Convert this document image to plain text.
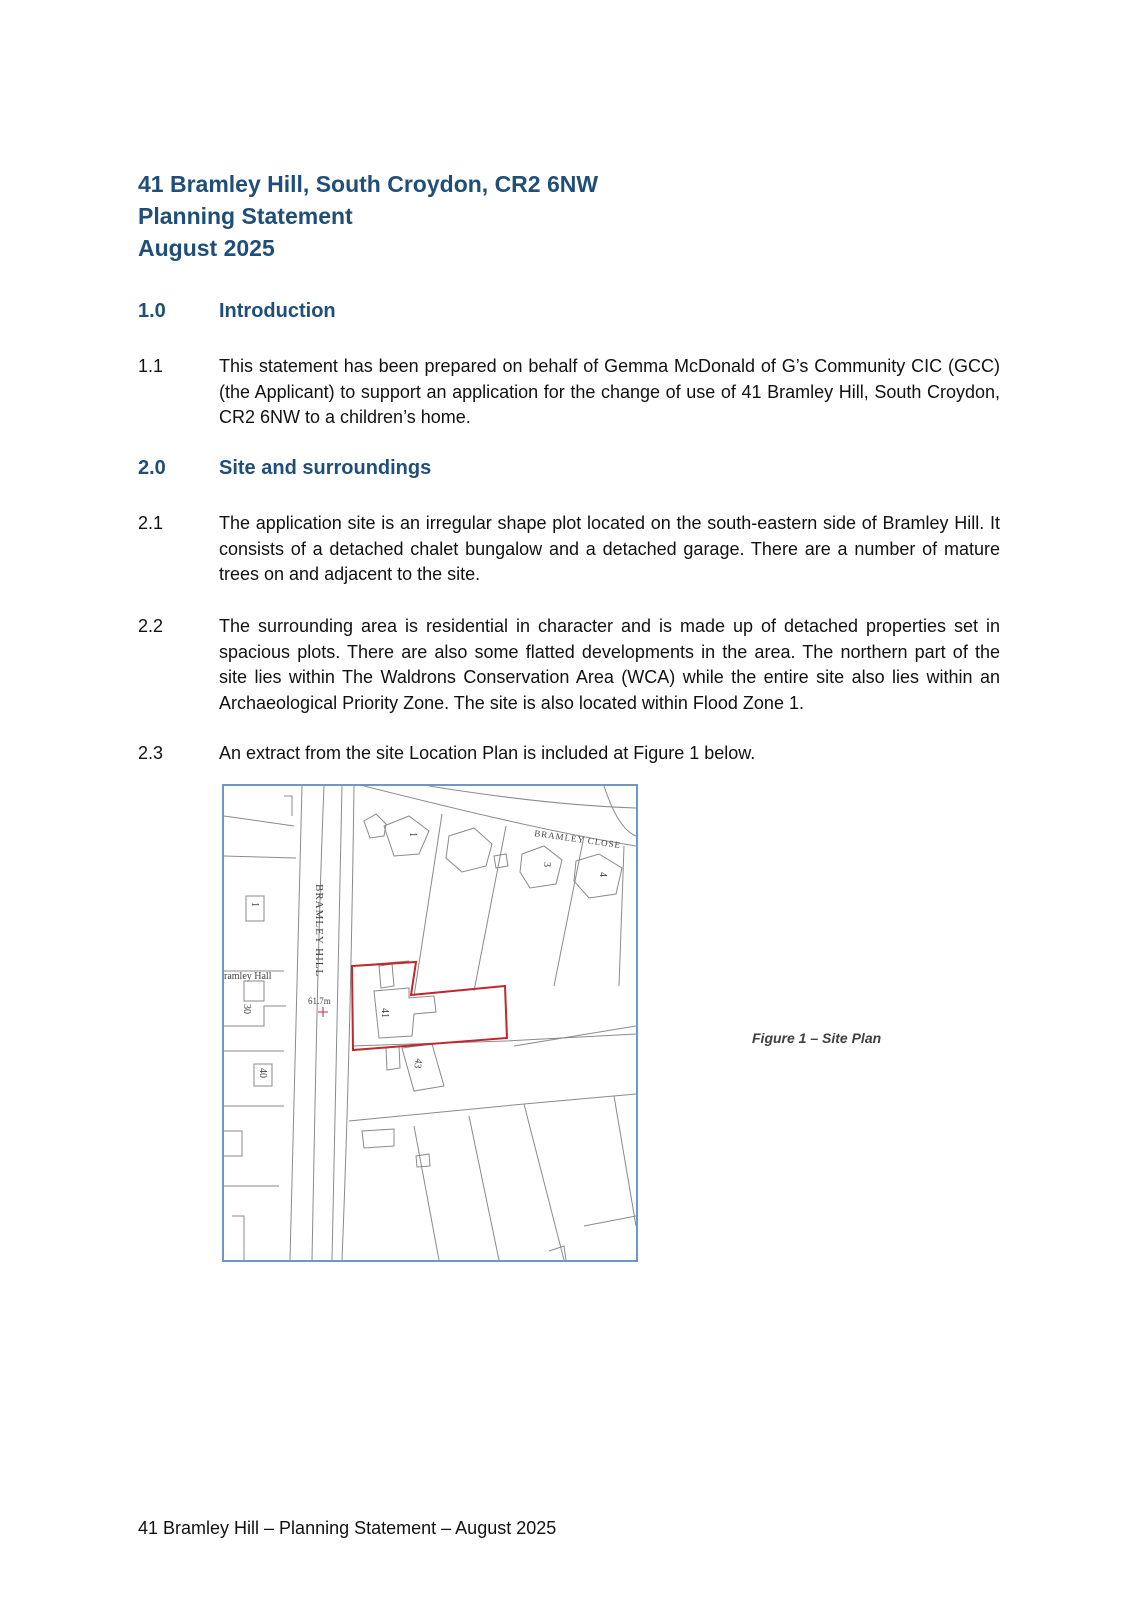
41 Bramley Hill, South Croydon, CR2 6NW
Planning Statement
August 2025
1.0	Introduction
1.1	This statement has been prepared on behalf of Gemma McDonald of G’s Community CIC (GCC) (the Applicant) to support an application for the change of use of 41 Bramley Hill, South Croydon, CR2 6NW to a children’s home.
2.0	Site and surroundings
2.1	The application site is an irregular shape plot located on the south-eastern side of Bramley Hill. It consists of a detached chalet bungalow and a detached garage. There are a number of mature trees on and adjacent to the site.
2.2	The surrounding area is residential in character and is made up of detached properties set in spacious plots. There are also some flatted developments in the area. The northern part of the site lies within The Waldrons Conservation Area (WCA) while the entire site also lies within an Archaeological Priority Zone. The site is also located within Flood Zone 1.
2.3	An extract from the site Location Plan is included at Figure 1 below.
BRAMLEY HILL
BRAMLEY CLOSE
ramley Hall
61.7m
41
43
40
30
1
1
3
4
Figure 1 – Site Plan
41 Bramley Hill – Planning Statement – August 2025
